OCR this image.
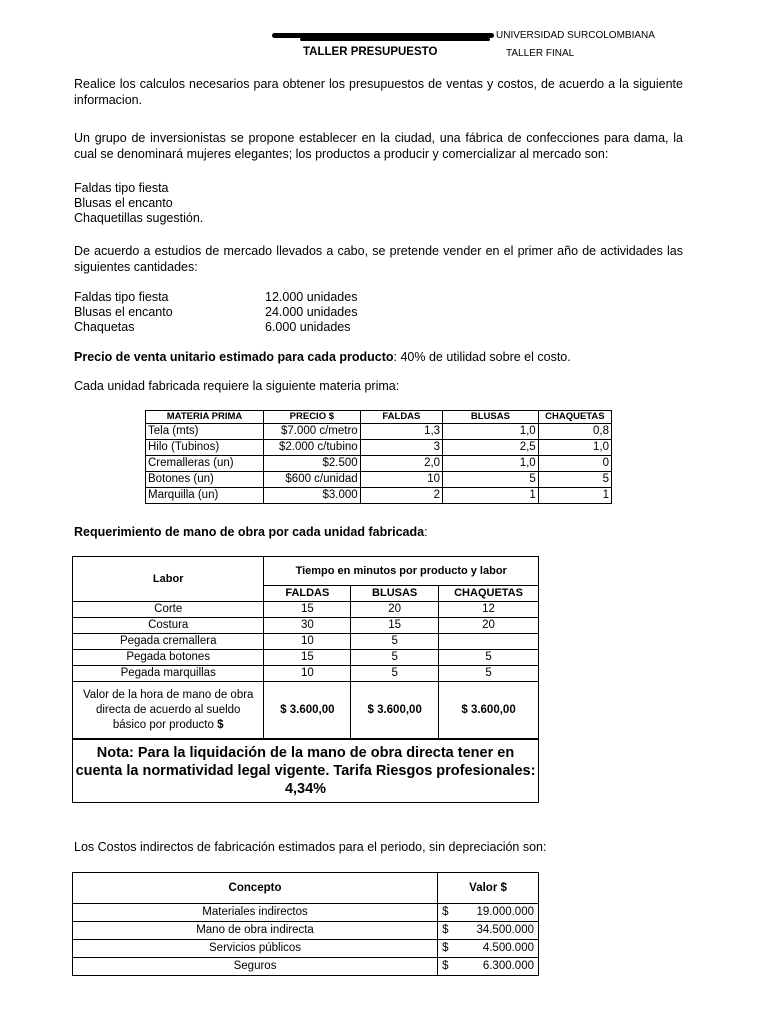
UNIVERSIDAD SURCOLOMBIANA
TALLER PRESUPUESTO	TALLER FINAL
Realice los calculos necesarios para obtener los presupuestos de ventas y costos, de acuerdo a la siguiente informacion.
Un grupo de inversionistas se propone establecer en la ciudad, una fábrica de confecciones para dama, la cual se denominará mujeres elegantes; los productos a producir y comercializar al mercado son:
Faldas tipo fiesta
Blusas el encanto
Chaquetillas sugestión.
De acuerdo a estudios de mercado llevados a cabo, se pretende vender en el primer año de actividades las siguientes cantidades:
Faldas tipo fiesta	12.000 unidades
Blusas el encanto	24.000 unidades
Chaquetas	6.000 unidades
Precio de venta unitario estimado para cada producto: 40% de utilidad sobre el costo.
Cada unidad fabricada requiere la siguiente materia prima:
MATERIA PRIMA	PRECIO $	FALDAS	BLUSAS	CHAQUETAS
Tela (mts)	$7.000 c/metro	1,3	1,0	0,8
Hilo (Tubinos)	$2.000 c/tubino	3	2,5	1,0
Cremalleras (un)	$2.500	2,0	1,0	0
Botones (un)	$600 c/unidad	10	5	5
Marquilla (un)	$3.000	2	1	1
Requerimiento de mano de obra por cada unidad fabricada:
Labor	Tiempo en minutos por producto y labor		
	FALDAS	BLUSAS	CHAQUETAS
Corte	15	20	12
Costura	30	15	20
Pegada cremallera	10	5	
Pegada botones	15	5	5
Pegada marquillas	10	5	5
Valor de la hora de mano de obra directa de acuerdo al sueldo básico por producto $	$ 3.600,00	$ 3.600,00	$ 3.600,00
Nota: Para la liquidación de la mano de obra directa tener en cuenta la normatividad legal vigente. Tarifa Riesgos profesionales: 4,34%			
Los Costos indirectos de fabricación estimados para el periodo, sin depreciación son:
Concepto	Valor $	
Materiales indirectos	$	19.000.000
Mano de obra indirecta	$	34.500.000
Servicios públicos	$	4.500.000
Seguros	$	6.300.000
